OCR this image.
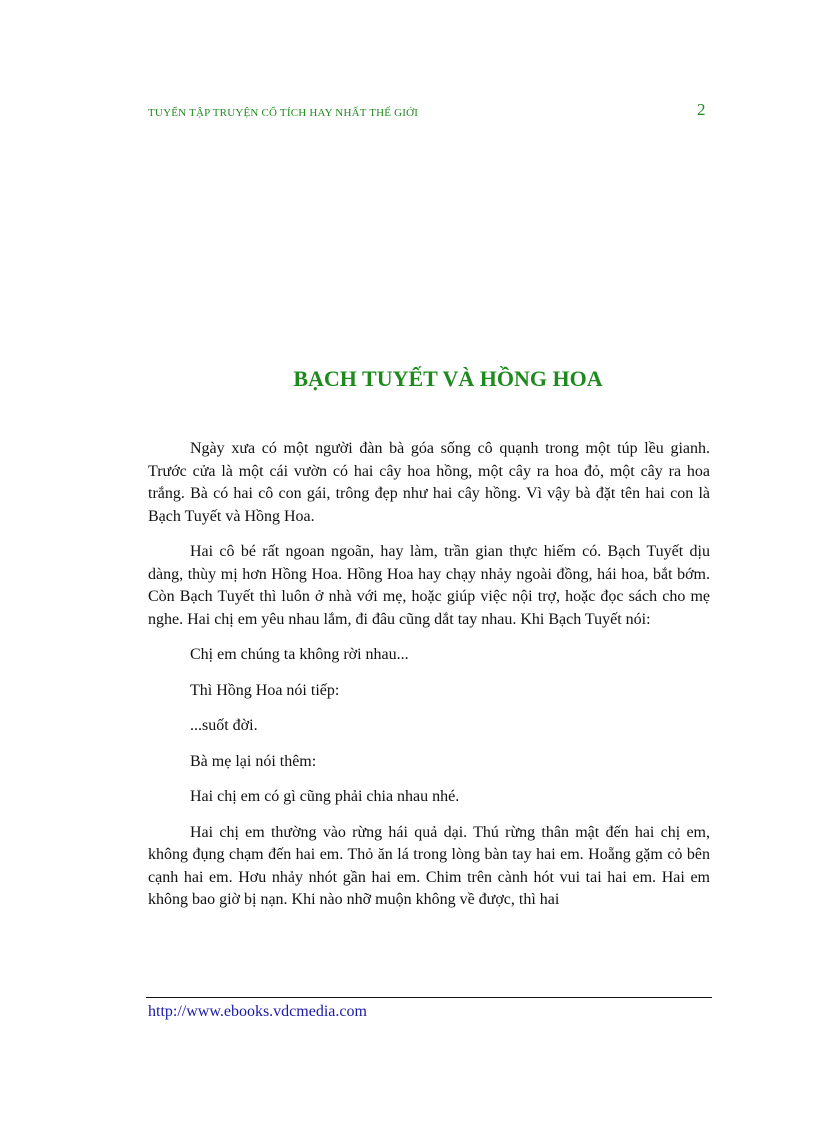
TUYỂN TẬP TRUYỆN CỔ TÍCH HAY NHẤT THẾ GIỚI	2
BẠCH TUYẾT VÀ HỒNG HOA

Ngày xưa có một người đàn bà góa sống cô quạnh trong một túp lều gianh. Trước cửa là một cái vườn có hai cây hoa hồng, một cây ra hoa đỏ, một cây ra hoa trắng. Bà có hai cô con gái, trông đẹp như hai cây hồng. Vì vậy bà đặt tên hai con là Bạch Tuyết và Hồng Hoa.

Hai cô bé rất ngoan ngoãn, hay làm, trần gian thực hiếm có. Bạch Tuyết dịu dàng, thùy mị hơn Hồng Hoa. Hồng Hoa hay chạy nhảy ngoài đồng, hái hoa, bắt bớm. Còn Bạch Tuyết thì luôn ở nhà với mẹ, hoặc giúp việc nội trợ, hoặc đọc sách cho mẹ nghe. Hai chị em yêu nhau lắm, đi đâu cũng dắt tay nhau. Khi Bạch Tuyết nói:

Chị em chúng ta không rời nhau...

Thì Hồng Hoa nói tiếp:

...suốt đời.

Bà mẹ lại nói thêm:

Hai chị em có gì cũng phải chia nhau nhé.

Hai chị em thường vào rừng hái quả dại. Thú rừng thân mật đến hai chị em, không đụng chạm đến hai em. Thỏ ăn lá trong lòng bàn tay hai em. Hoẵng gặm cỏ bên cạnh hai em. Hơu nhảy nhót gần hai em. Chim trên cành hót vui tai hai em. Hai em không bao giờ bị nạn. Khi nào nhỡ muộn không về được, thì hai

http://www.ebooks.vdcmedia.com
